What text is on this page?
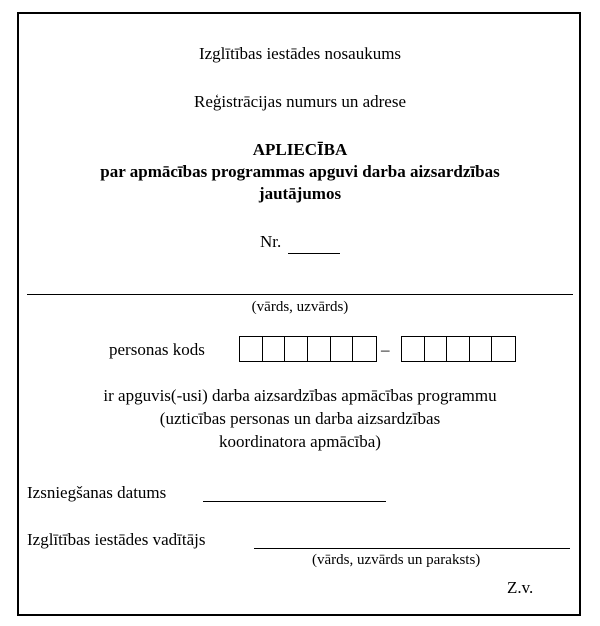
Izglītības iestādes nosaukums
Reģistrācijas numurs un adrese
APLIECĪBA
par apmācības programmas apguvi darba aizsardzības
jautājumos
Nr.
(vārds, uzvārds)
personas kods	–
ir apguvis(-usi) darba aizsardzības apmācības programmu
(uzticības personas un darba aizsardzības
koordinatora apmācība)
Izsniegšanas datums
Izglītības iestādes vadītājs
(vārds, uzvārds un paraksts)
Z.v.
